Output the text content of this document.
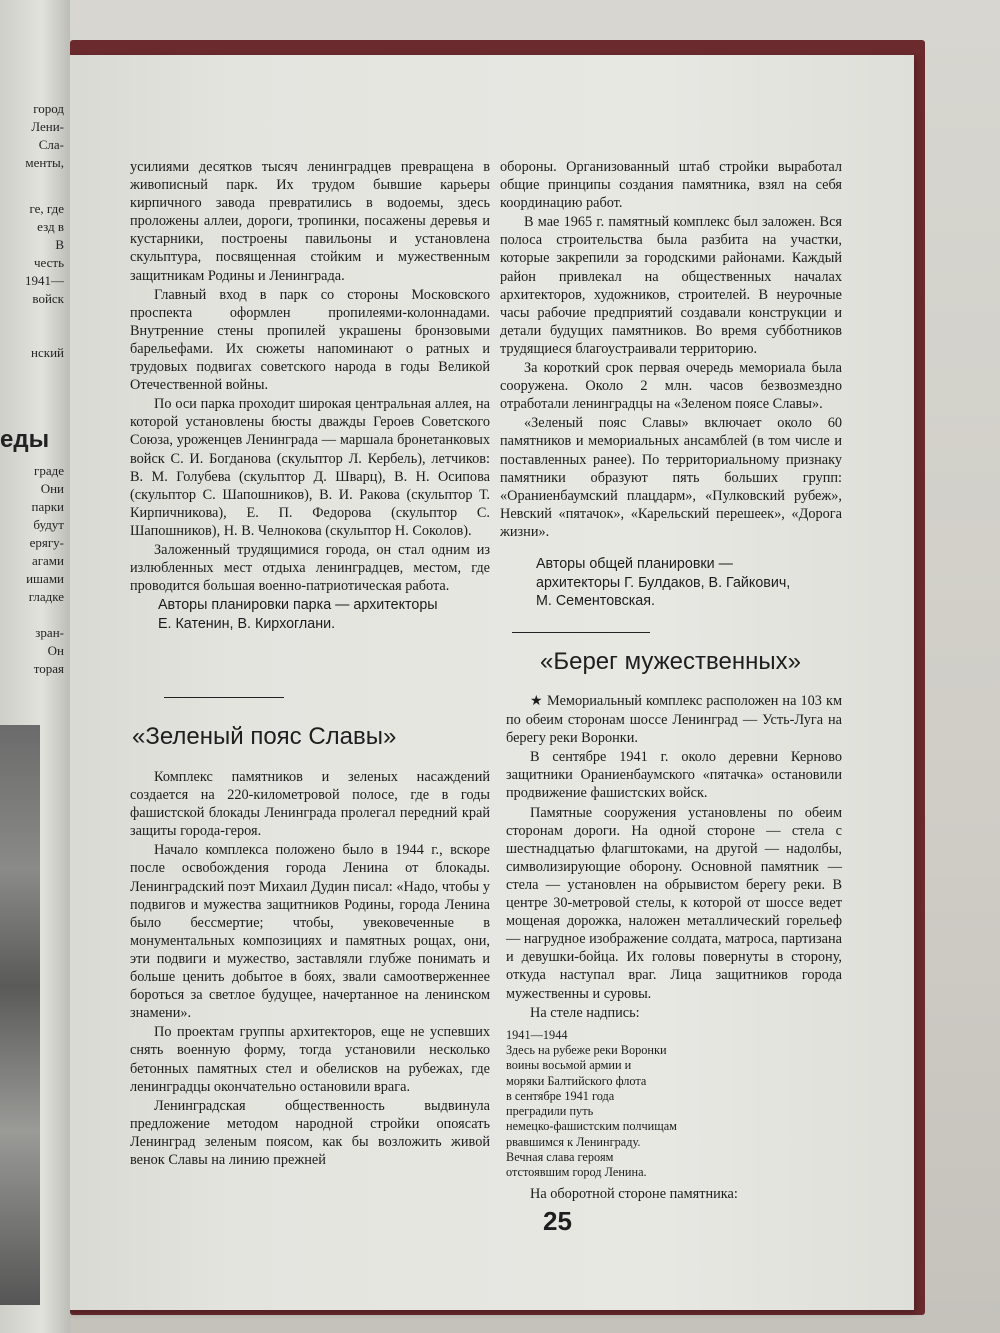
город
Лени-
Сла-
менты,
ге, где
езд в
В
честь
1941—
войск
нский
градe
Они
парки
будут
ерягу-
агами
ишами
гладке
зран-
Он
торая
еды

усилиями десятков тысяч ленинградцев превращена в живописный парк. Их трудом бывшие карьеры кирпичного завода превратились в водоемы, здесь проложены аллеи, дороги, тропинки, посажены деревья и кустарники, построены павильоны и установлена скульптура, посвященная стойким и мужественным защитникам Родины и Ленинграда.

Главный вход в парк со стороны Московского проспекта оформлен пропилеями-колоннадами. Внутренние стены пропилей украшены бронзовыми барельефами. Их сюжеты напоминают о ратных и трудовых подвигах советского народа в годы Великой Отечественной войны.

По оси парка проходит широкая центральная аллея, на которой установлены бюсты дважды Героев Советского Союза, уроженцев Ленинграда — маршала бронетанковых войск С. И. Богданова (скульптор Л. Кербель), летчиков: В. М. Голубева (скульптор Д. Шварц), В. Н. Осипова (скульптор С. Шапошников), В. И. Ракова (скульптор Т. Кирпичникова), Е. П. Федорова (скульптор С. Шапошников), Н. В. Челнокова (скульптор Н. Соколов).

Заложенный трудящимися города, он стал одним из излюбленных мест отдыха ленинградцев, местом, где проводится большая военно-патриотическая работа.

Авторы планировки парка — архитекторы
Е. Катенин, В. Кирхоглани.
«Зеленый пояс Славы»

Комплекс памятников и зеленых насаждений создается на 220-километровой полосе, где в годы фашистской блокады Ленинграда пролегал передний край защиты города-героя.

Начало комплекса положено было в 1944 г., вскоре после освобождения города Ленина от блокады. Ленинградский поэт Михаил Дудин писал: «Надо, чтобы у подвигов и мужества защитников Родины, города Ленина было бессмертие; чтобы, увековеченные в монументальных композициях и памятных рощах, они, эти подвиги и мужество, заставляли глубже понимать и больше ценить добытое в боях, звали самоотверженнее бороться за светлое будущее, начертанное на ленинском знамени».

По проектам группы архитекторов, еще не успевших снять военную форму, тогда установили несколько бетонных памятных стел и обелисков на рубежах, где ленинградцы окончательно остановили врага.

Ленинградская общественность выдвинула предложение методом народной стройки опоясать Ленинград зеленым поясом, как бы возложить живой венок Славы на линию прежней

обороны. Организованный штаб стройки выработал общие принципы создания памятника, взял на себя координацию работ.

В мае 1965 г. памятный комплекс был заложен. Вся полоса строительства была разбита на участки, которые закрепили за городскими районами. Каждый район привлекал на общественных началах архитекторов, художников, строителей. В неурочные часы рабочие предприятий создавали конструкции и детали будущих памятников. Во время субботников трудящиеся благоустраивали территорию.

За короткий срок первая очередь мемориала была сооружена. Около 2 млн. часов безвозмездно отработали ленинградцы на «Зеленом поясе Славы».

«Зеленый пояс Славы» включает около 60 памятников и мемориальных ансамблей (в том числе и поставленных ранее). По территориальному признаку памятники образуют пять больших групп: «Ораниенбаумский плацдарм», «Пулковский рубеж», Невский «пятачок», «Карельский перешеек», «Дорога жизни».

Авторы общей планировки —
архитекторы Г. Булдаков, В. Гайкович,
М. Сементовская.
«Берег мужественных»

★ Мемориальный комплекс расположен на 103 км по обеим сторонам шоссе Ленинград — Усть-Луга на берегу реки Воронки.

В сентябре 1941 г. около деревни Керново защитники Ораниенбаумского «пятачка» остановили продвижение фашистских войск.

Памятные сооружения установлены по обеим сторонам дороги. На одной стороне — стела с шестнадцатью флагштоками, на другой — надолбы, символизирующие оборону. Основной памятник — стела — установлен на обрывистом берегу реки. В центре 30-метровой стелы, к которой от шоссе ведет мощеная дорожка, наложен металлический горельеф — нагрудное изображение солдата, матроса, партизана и девушки-бойца. Их головы повернуты в сторону, откуда наступал враг. Лица защитников города мужественны и суровы.

На стеле надпись:

1941—1944
Здесь на рубеже реки Воронки
воины восьмой армии и
моряки Балтийского флота
в сентябре 1941 года
преградили путь
немецко-фашистским полчищам
рвавшимся к Ленинграду.
Вечная слава героям
отстоявшим город Ленина.

На оборотной стороне памятника:

25
